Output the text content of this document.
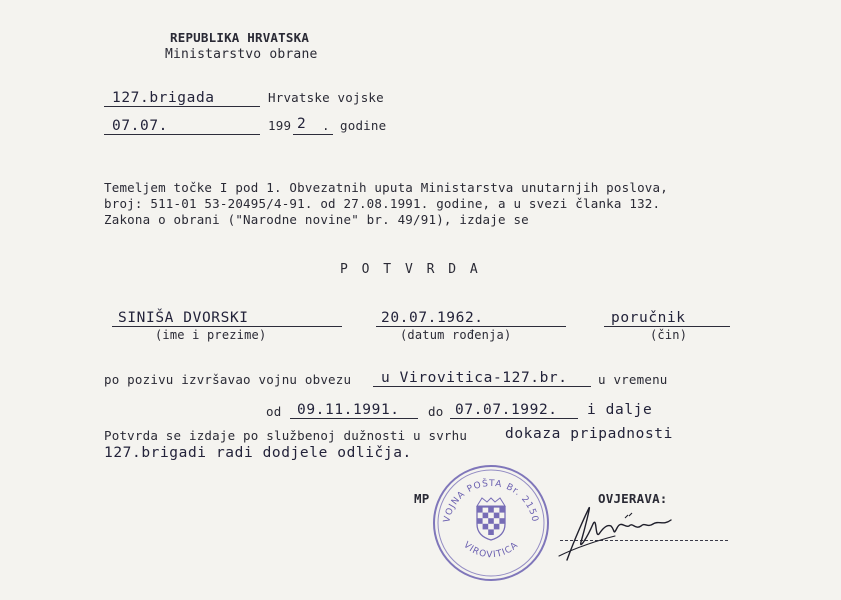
REPUBLIKA HRVATSKA
Ministarstvo obrane
127.brigada	Hrvatske vojske
07.07.	199 2 . godine
Temeljem točke I pod 1. Obvezatnih uputa Ministarstva unutarnjih poslova,
broj: 511-01 53-20495/4-91. od 27.08.1991. godine, a u svezi članka 132.
Zakona o obrani ("Narodne novine" br. 49/91), izdaje se
P O T V R D A
SINIŠA DVORSKI
(ime i prezime)
20.07.1962.
(datum rođenja)
poručnik
(čin)
po pozivu izvršavao vojnu obvezu u Virovitica-127.br. u vremenu
od 09.11.1991. do 07.07.1992. i dalje
Potvrda se izdaje po službenoj dužnosti u svrhu	dokaza pripadnosti
127.brigadi radi dodjele odličja.
MP	OVJERAVA:
VOJNA POŠTA Br. 2150
VIROVITICA
